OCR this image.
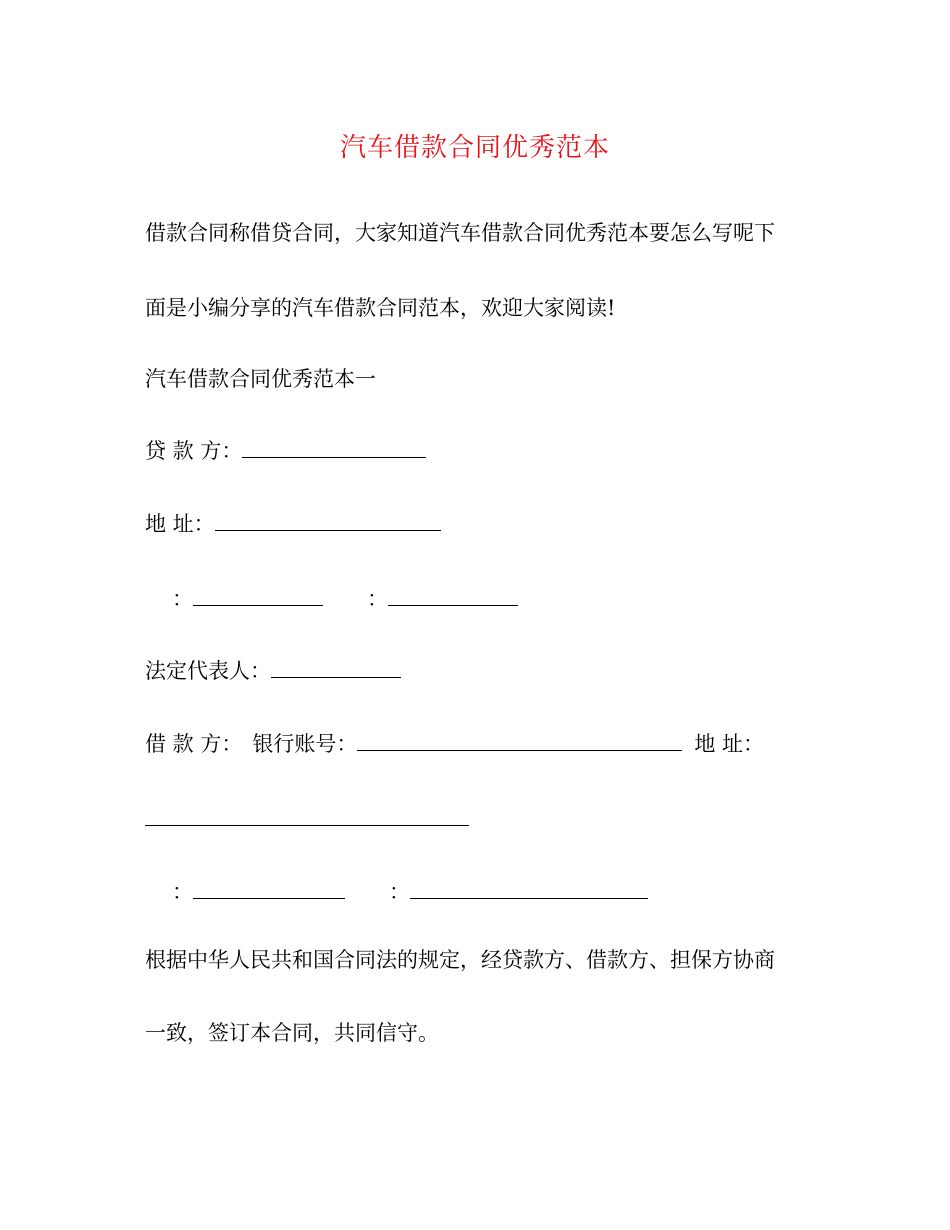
汽车借款合同优秀范本
借款合同称借贷合同，大家知道汽车借款合同优秀范本要怎么写呢下
面是小编分享的汽车借款合同范本，欢迎大家阅读!
汽车借款合同优秀范本一
贷 款 方：
地 址：
：	：
法定代表人：
借 款 方： 银行账号：	地 址：
：	：
根据中华人民共和国合同法的规定，经贷款方、借款方、担保方协商
一致，签订本合同，共同信守。
